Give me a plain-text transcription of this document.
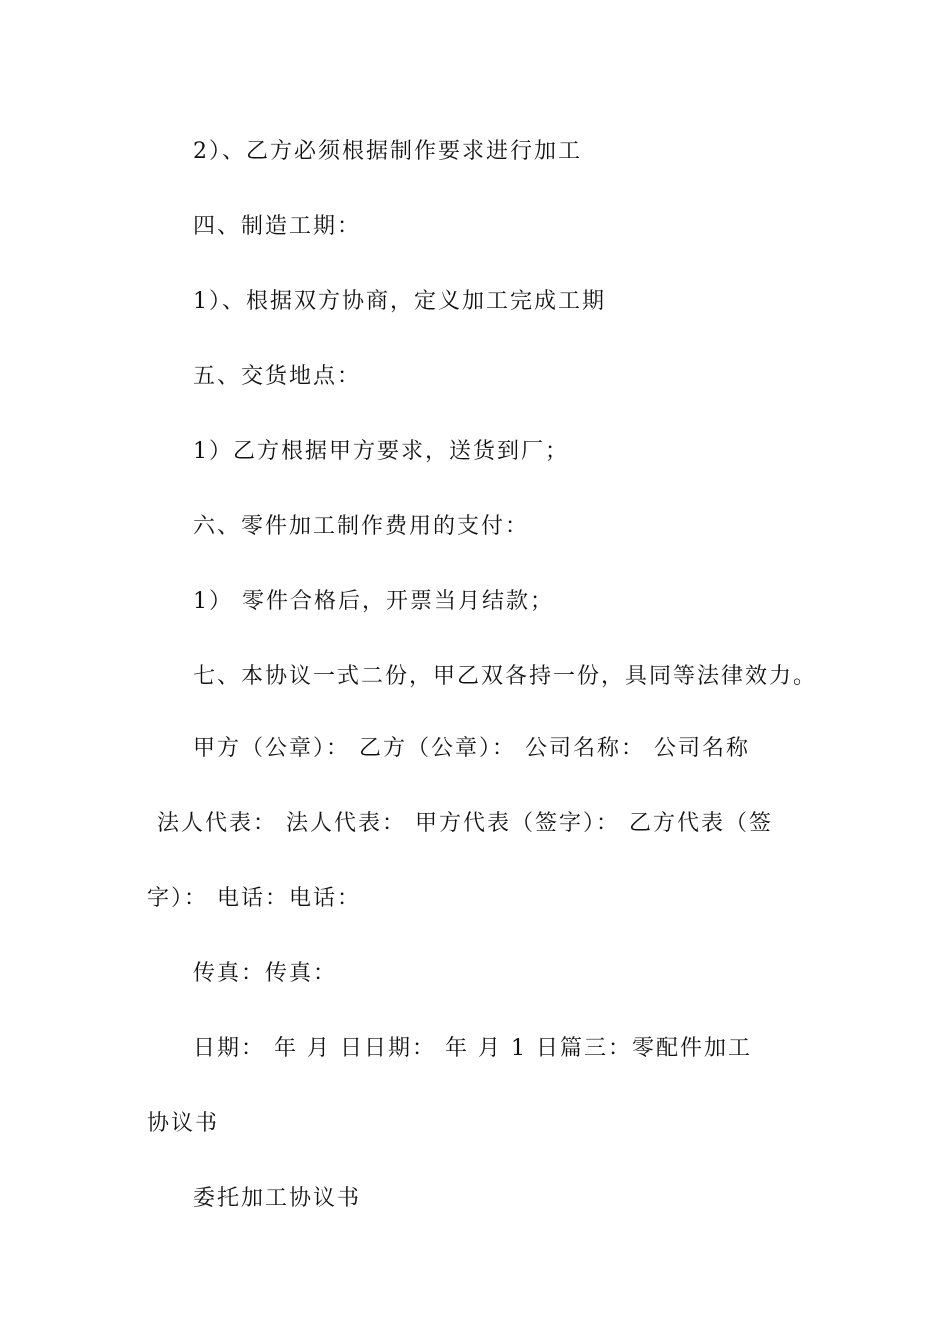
2）、乙方必须根据制作要求进行加工
四、制造工期：
1）、根据双方协商，定义加工完成工期
五、交货地点：
1）乙方根据甲方要求，送货到厂；
六、零件加工制作费用的支付：
1） 零件合格后，开票当月结款；
七、本协议一式二份，甲乙双各持一份，具同等法律效力。
甲方（公章）： 乙方（公章）： 公司名称： 公司名称
法人代表： 法人代表： 甲方代表（签字）： 乙方代表（签
字）： 电话：电话：
传真：传真：
日期： 年 月 日日期： 年 月 1 日篇三：零配件加工
协议书
委托加工协议书
